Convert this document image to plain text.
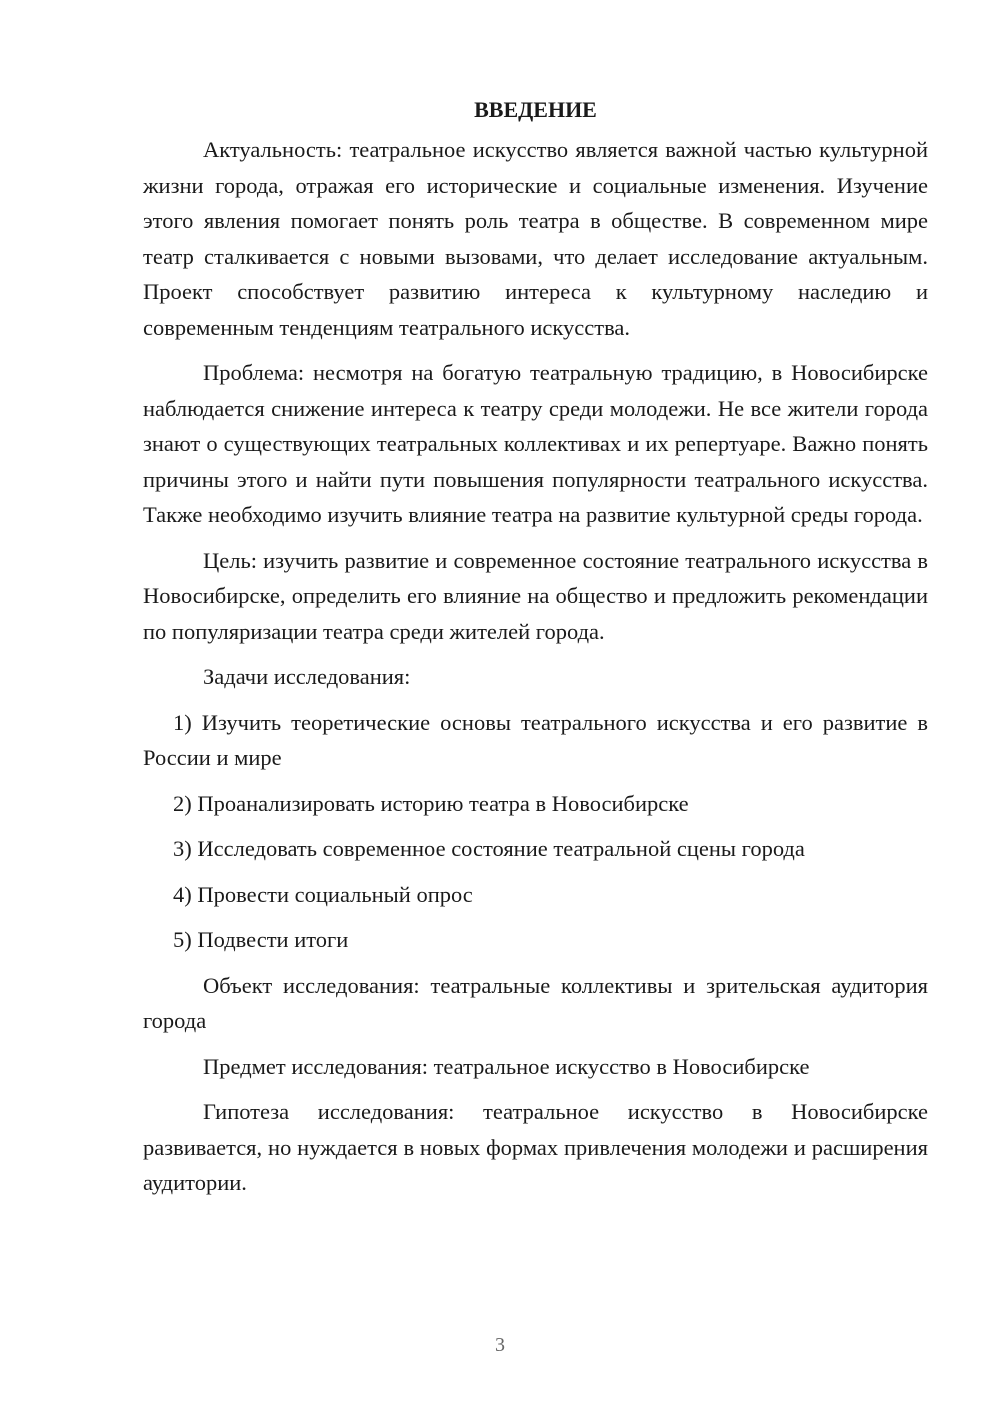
ВВЕДЕНИЕ

Актуальность: театральное искусство является важной частью культурной жизни города, отражая его исторические и социальные изменения. Изучение этого явления помогает понять роль театра в обществе. В современном мире театр сталкивается с новыми вызовами, что делает исследование актуальным. Проект способствует развитию интереса к культурному наследию и современным тенденциям театрального искусства.

Проблема: несмотря на богатую театральную традицию, в Новосибирске наблюдается снижение интереса к театру среди молодежи. Не все жители города знают о существующих театральных коллективах и их репертуаре. Важно понять причины этого и найти пути повышения популярности театрального искусства. Также необходимо изучить влияние театра на развитие культурной среды города.

Цель: изучить развитие и современное состояние театрального искусства в Новосибирске, определить его влияние на общество и предложить рекомендации по популяризации театра среди жителей города.

Задачи исследования:

1) Изучить теоретические основы театрального искусства и его развитие в России и мире

2) Проанализировать историю театра в Новосибирске

3) Исследовать современное состояние театральной сцены города

4) Провести социальный опрос

5) Подвести итоги

Объект исследования: театральные коллективы и зрительская аудитория города

Предмет исследования: театральное искусство в Новосибирске

Гипотеза исследования: театральное искусство в Новосибирске развивается, но нуждается в новых формах привлечения молодежи и расширения аудитории.

3
